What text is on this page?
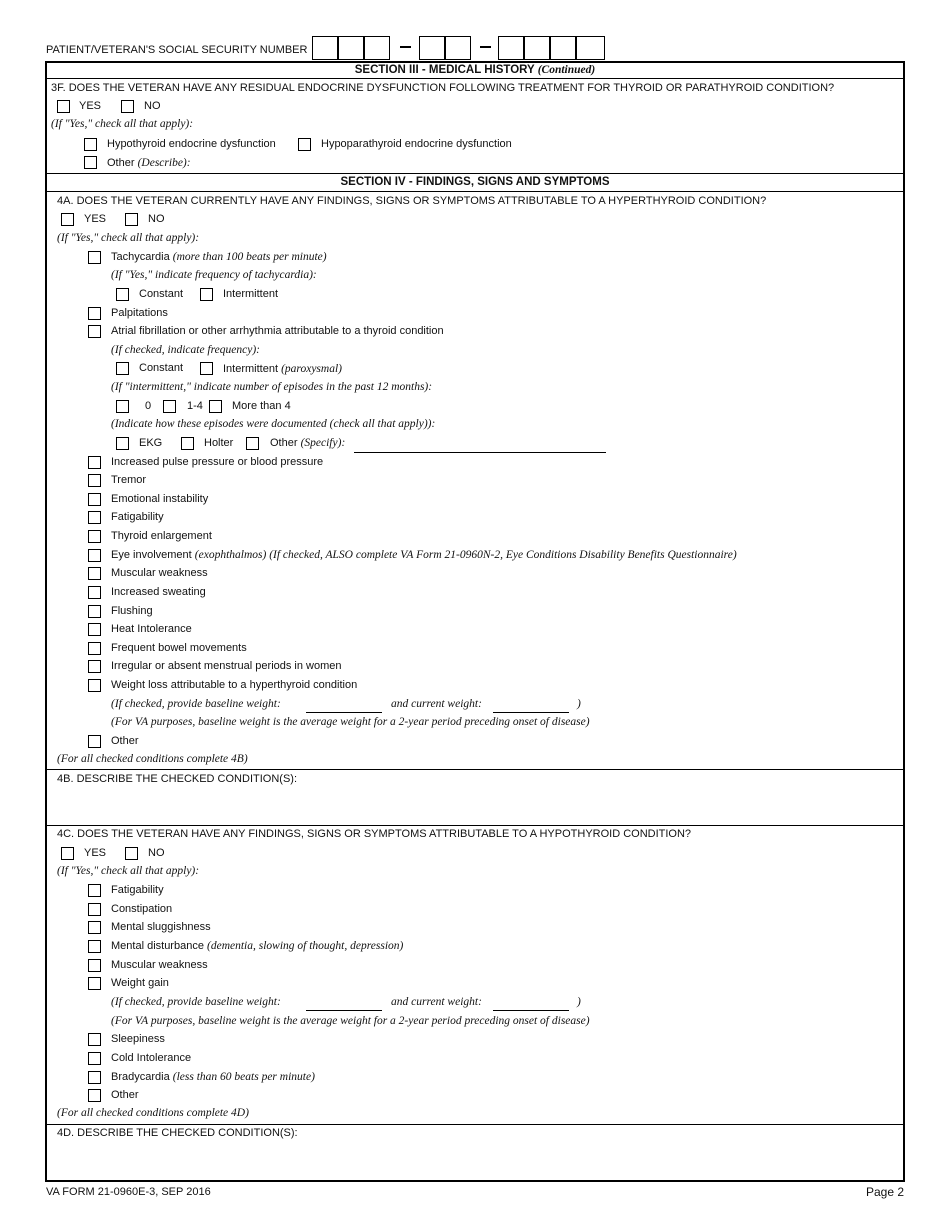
PATIENT/VETERAN'S SOCIAL SECURITY NUMBER
SECTION III - MEDICAL HISTORY (Continued)
3F. DOES THE VETERAN HAVE ANY RESIDUAL ENDOCRINE DYSFUNCTION FOLLOWING TREATMENT FOR THYROID OR PARATHYROID CONDITION?
YES	NO
(If "Yes," check all that apply):
Hypothyroid endocrine dysfunction	Hypoparathyroid endocrine dysfunction
Other (Describe):
SECTION IV - FINDINGS, SIGNS AND SYMPTOMS
4A. DOES THE VETERAN CURRENTLY HAVE ANY FINDINGS, SIGNS OR SYMPTOMS ATTRIBUTABLE TO A HYPERTHYROID CONDITION?
YES	NO
(If "Yes," check all that apply):
Tachycardia (more than 100 beats per minute)
(If "Yes," indicate frequency of tachycardia):
Constant	Intermittent
Palpitations
Atrial fibrillation or other arrhythmia attributable to a thyroid condition
(If checked, indicate frequency):
Constant	Intermittent (paroxysmal)
(If "intermittent," indicate number of episodes in the past 12 months):
0	1-4	More than 4
(Indicate how these episodes were documented (check all that apply)):
EKG	Holter	Other (Specify):
Increased pulse pressure or blood pressure
Tremor
Emotional instability
Fatigability
Thyroid enlargement
Eye involvement (exophthalmos) (If checked, ALSO complete VA Form 21-0960N-2, Eye Conditions Disability Benefits Questionnaire)
Muscular weakness
Increased sweating
Flushing
Heat Intolerance
Frequent bowel movements
Irregular or absent menstrual periods in women
Weight loss attributable to a hyperthyroid condition
(If checked, provide baseline weight:	and current weight:	)
(For VA purposes, baseline weight is the average weight for a 2-year period preceding onset of disease)
Other
(For all checked conditions complete 4B)
4B. DESCRIBE THE CHECKED CONDITION(S):
4C. DOES THE VETERAN HAVE ANY FINDINGS, SIGNS OR SYMPTOMS ATTRIBUTABLE TO A HYPOTHYROID CONDITION?
YES	NO
(If "Yes," check all that apply):
Fatigability
Constipation
Mental sluggishness
Mental disturbance (dementia, slowing of thought, depression)
Muscular weakness
Weight gain
(If checked, provide baseline weight:	and current weight:	)
(For VA purposes, baseline weight is the average weight for a 2-year period preceding onset of disease)
Sleepiness
Cold Intolerance
Bradycardia (less than 60 beats per minute)
Other
(For all checked conditions complete 4D)
4D. DESCRIBE THE CHECKED CONDITION(S):
VA FORM 21-0960E-3, SEP 2016	Page 2
